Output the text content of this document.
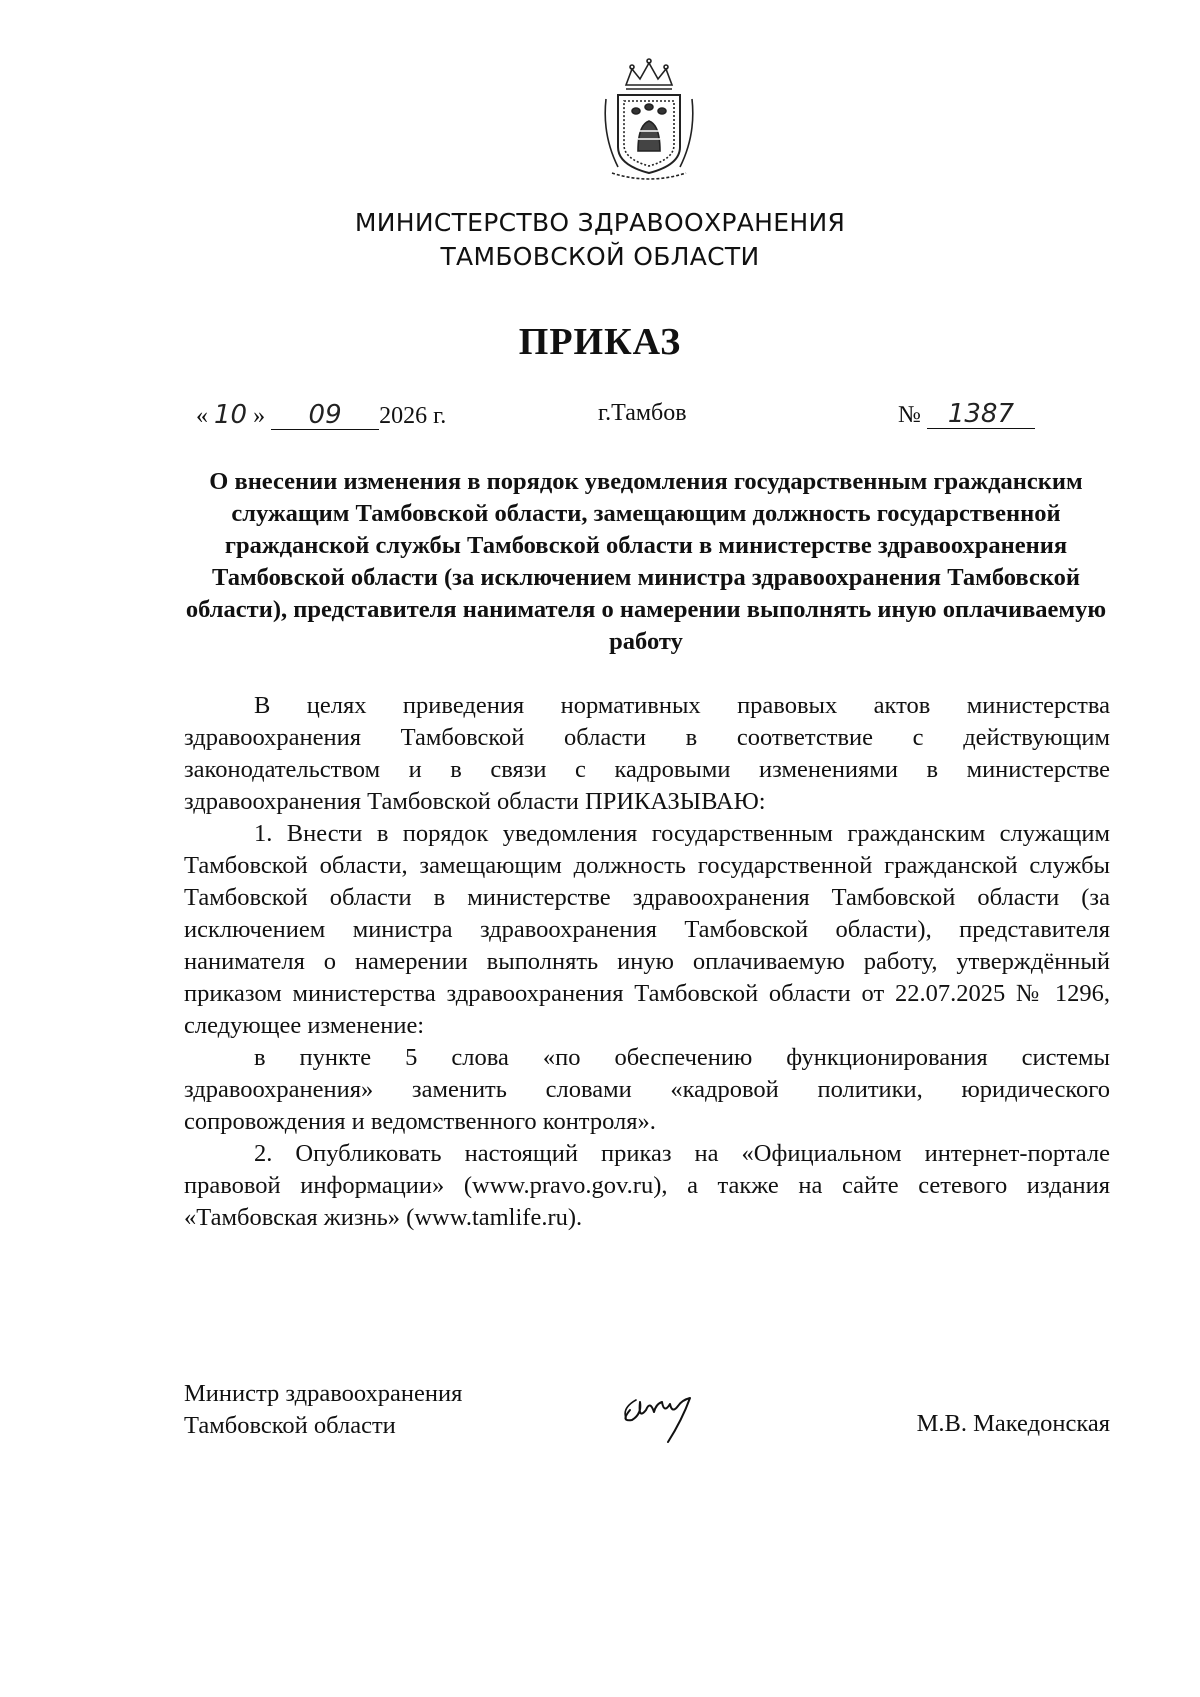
МИНИСТЕРСТВО ЗДРАВООХРАНЕНИЯ
ТАМБОВСКОЙ ОБЛАСТИ
ПРИКАЗ
« 10 » 09 2026 г.	г.Тамбов	№ 1387
О внесении изменения в порядок уведомления государственным гражданским служащим Тамбовской области, замещающим должность государственной гражданской службы Тамбовской области в министерстве здравоохранения Тамбовской области (за исключением министра здравоохранения Тамбовской области), представителя нанимателя о намерении выполнять иную оплачиваемую работу

В целях приведения нормативных правовых актов министерства здравоохранения Тамбовской области в соответствие с действующим законодательством и в связи с кадровыми изменениями в министерстве здравоохранения Тамбовской области ПРИКАЗЫВАЮ:

1. Внести в порядок уведомления государственным гражданским служащим Тамбовской области, замещающим должность государственной гражданской службы Тамбовской области в министерстве здравоохранения Тамбовской области (за исключением министра здравоохранения Тамбовской области), представителя нанимателя о намерении выполнять иную оплачиваемую работу, утверждённый приказом министерства здравоохранения Тамбовской области от 22.07.2025 № 1296, следующее изменение:

в пункте 5 слова «по обеспечению функционирования системы здравоохранения» заменить словами «кадровой политики, юридического сопровождения и ведомственного контроля».

2. Опубликовать настоящий приказ на «Официальном интернет-портале правовой информации» (www.pravo.gov.ru), а также на сайте сетевого издания «Тамбовская жизнь» (www.tamlife.ru).

Министр здравоохранения
Тамбовской области	М.В. Македонская
